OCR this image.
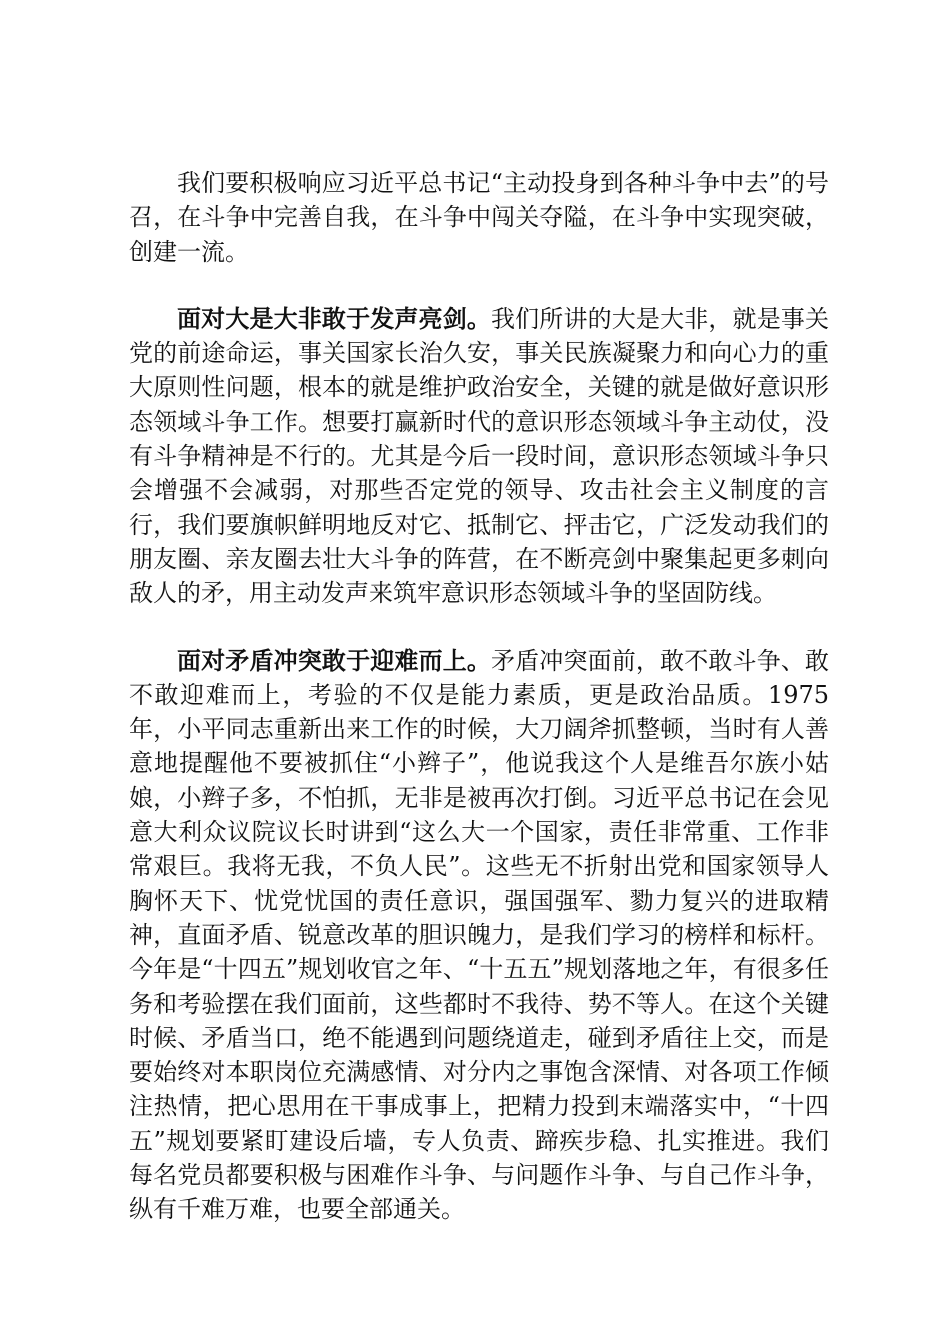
我们要积极响应习近平总书记“主动投身到各种斗争中去”的号召，在斗争中完善自我，在斗争中闯关夺隘，在斗争中实现突破，创建一流。

面对大是大非敢于发声亮剑。我们所讲的大是大非，就是事关党的前途命运，事关国家长治久安，事关民族凝聚力和向心力的重大原则性问题，根本的就是维护政治安全，关键的就是做好意识形态领域斗争工作。想要打赢新时代的意识形态领域斗争主动仗，没有斗争精神是不行的。尤其是今后一段时间，意识形态领域斗争只会增强不会减弱，对那些否定党的领导、攻击社会主义制度的言行，我们要旗帜鲜明地反对它、抵制它、抨击它，广泛发动我们的朋友圈、亲友圈去壮大斗争的阵营，在不断亮剑中聚集起更多刺向敌人的矛，用主动发声来筑牢意识形态领域斗争的坚固防线。

面对矛盾冲突敢于迎难而上。矛盾冲突面前，敢不敢斗争、敢不敢迎难而上，考验的不仅是能力素质，更是政治品质。1975年，小平同志重新出来工作的时候，大刀阔斧抓整顿，当时有人善意地提醒他不要被抓住“小辫子”，他说我这个人是维吾尔族小姑娘，小辫子多，不怕抓，无非是被再次打倒。习近平总书记在会见意大利众议院议长时讲到“这么大一个国家，责任非常重、工作非常艰巨。我将无我，不负人民”。这些无不折射出党和国家领导人胸怀天下、忧党忧国的责任意识，强国强军、勠力复兴的进取精神，直面矛盾、锐意改革的胆识魄力，是我们学习的榜样和标杆。今年是“十四五”规划收官之年、“十五五”规划落地之年，有很多任务和考验摆在我们面前，这些都时不我待、势不等人。在这个关键时候、矛盾当口，绝不能遇到问题绕道走，碰到矛盾往上交，而是要始终对本职岗位充满感情、对分内之事饱含深情、对各项工作倾注热情，把心思用在干事成事上，把精力投到末端落实中，“十四五”规划要紧盯建设后墙，专人负责、蹄疾步稳、扎实推进。我们每名党员都要积极与困难作斗争、与问题作斗争、与自己作斗争，纵有千难万难，也要全部通关。
